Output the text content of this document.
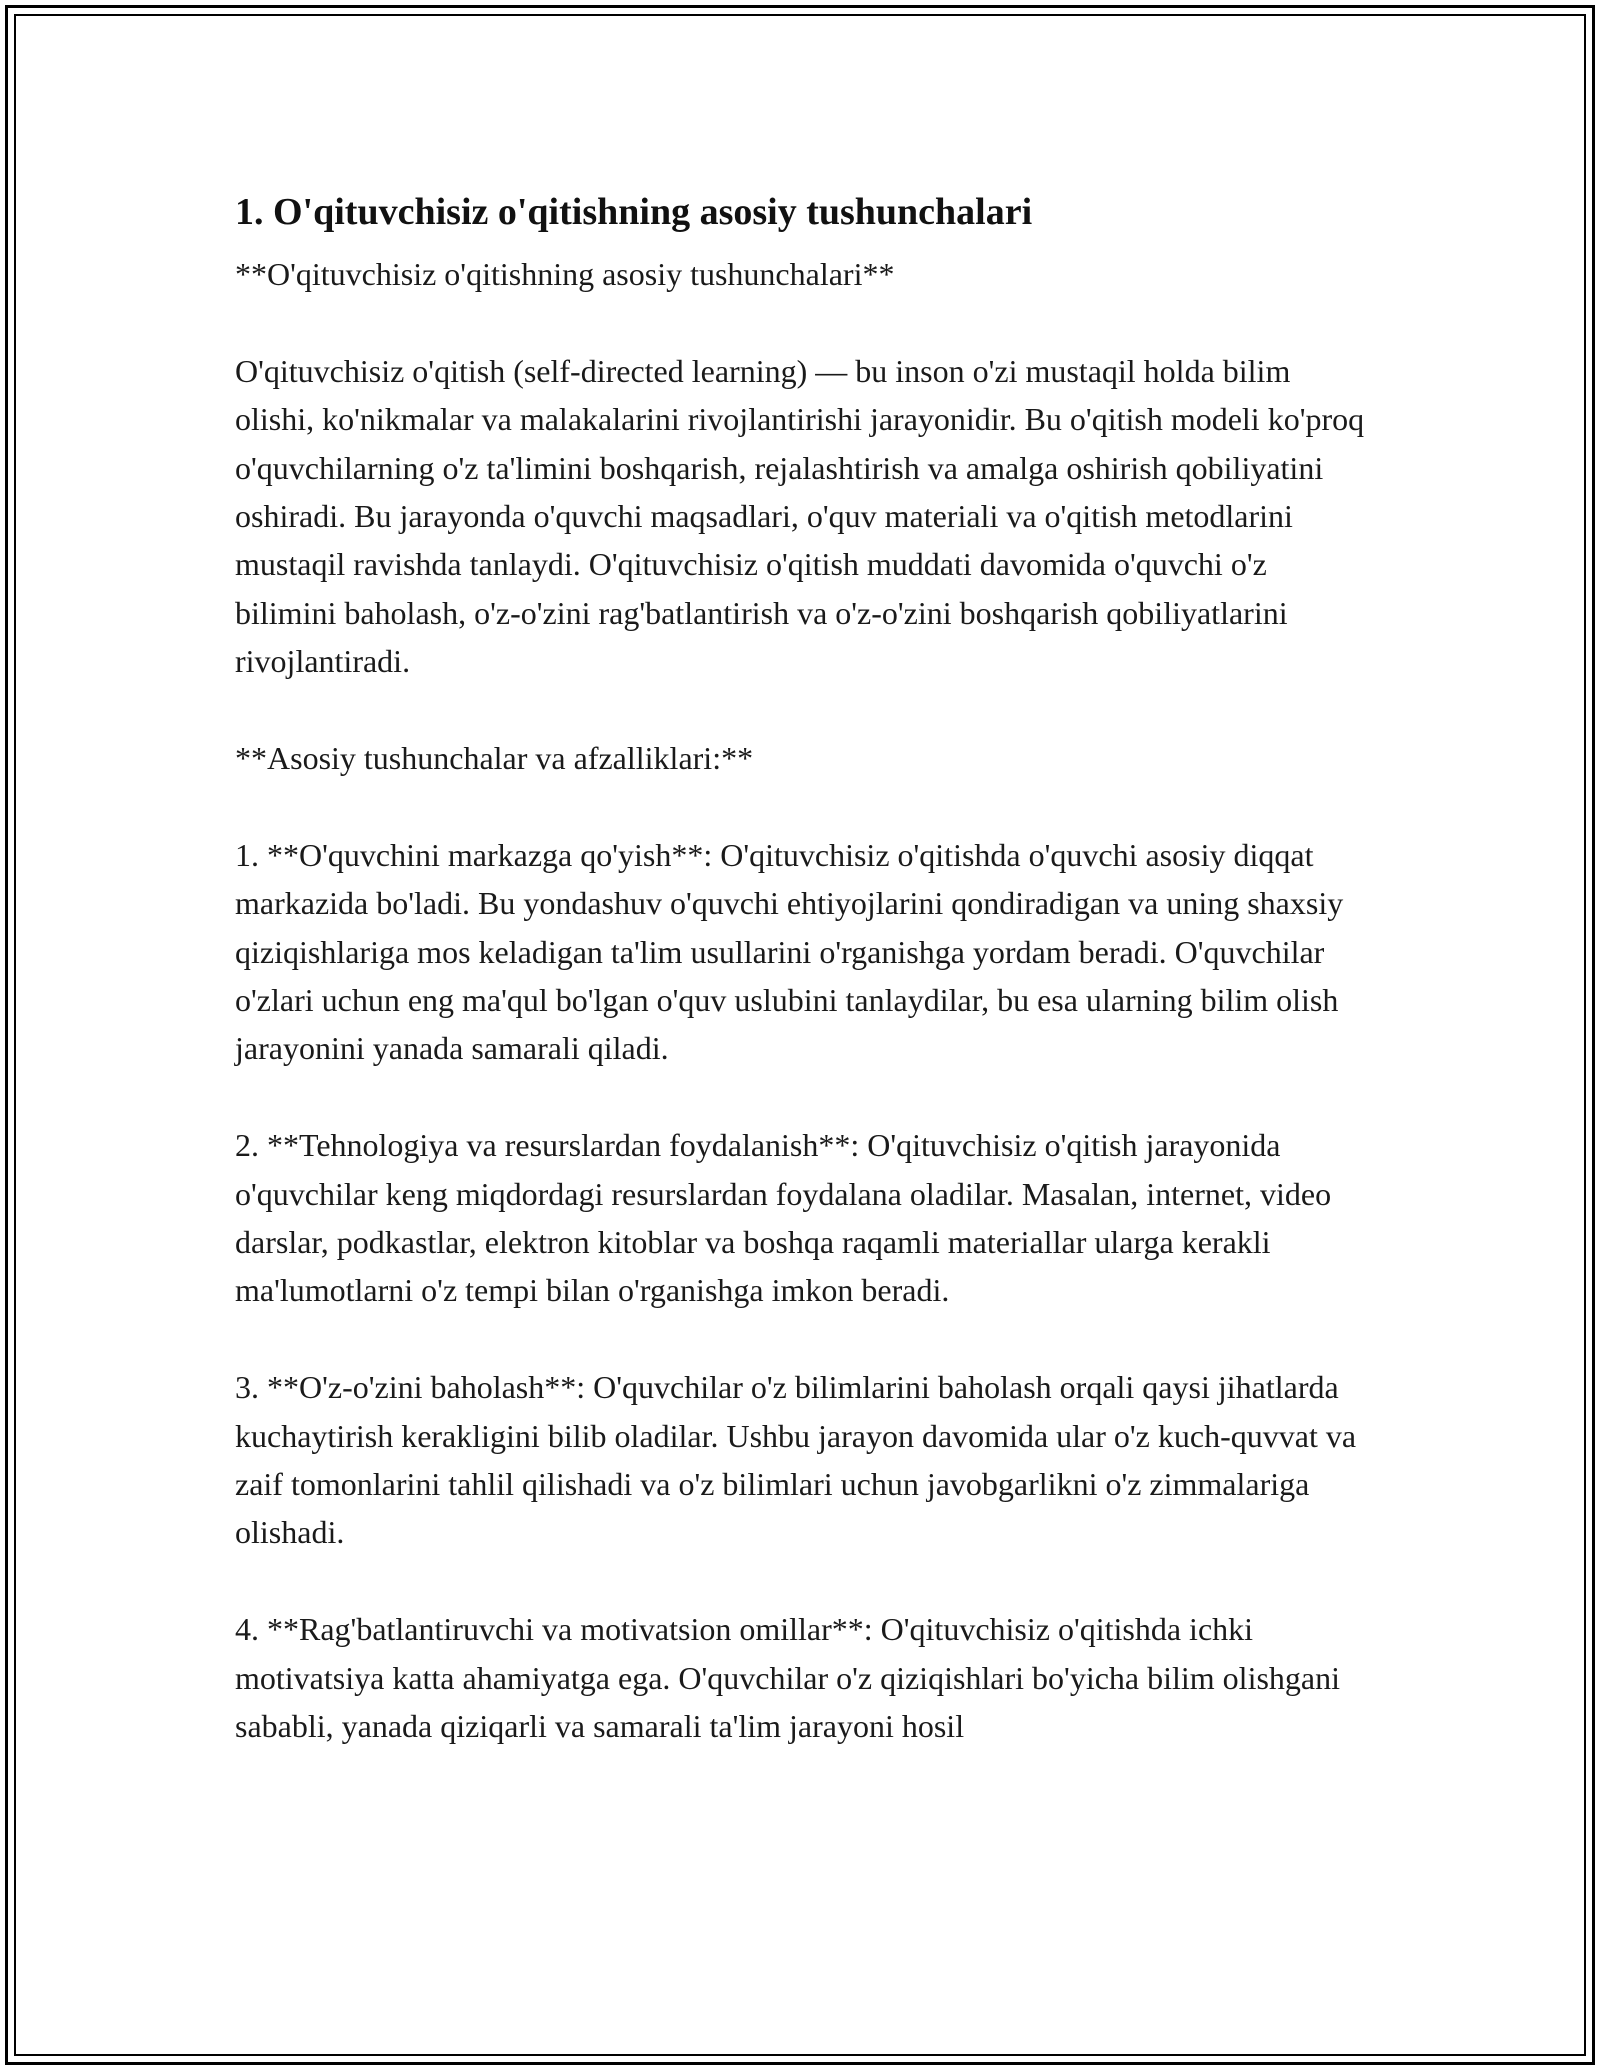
1. O'qituvchisiz o'qitishning asosiy tushunchalari

**O'qituvchisiz o'qitishning asosiy tushunchalari**

O'qituvchisiz o'qitish (self-directed learning) — bu inson o'zi mustaqil holda bilim olishi, ko'nikmalar va malakalarini rivojlantirishi jarayonidir. Bu o'qitish modeli ko'proq o'quvchilarning o'z ta'limini boshqarish, rejalashtirish va amalga oshirish qobiliyatini oshiradi. Bu jarayonda o'quvchi maqsadlari, o'quv materiali va o'qitish metodlarini mustaqil ravishda tanlaydi. O'qituvchisiz o'qitish muddati davomida o'quvchi o'z bilimini baholash, o'z-o'zini rag'batlantirish va o'z-o'zini boshqarish qobiliyatlarini rivojlantiradi.

**Asosiy tushunchalar va afzalliklari:**

1. **O'quvchini markazga qo'yish**: O'qituvchisiz o'qitishda o'quvchi asosiy diqqat markazida bo'ladi. Bu yondashuv o'quvchi ehtiyojlarini qondiradigan va uning shaxsiy qiziqishlariga mos keladigan ta'lim usullarini o'rganishga yordam beradi. O'quvchilar o'zlari uchun eng ma'qul bo'lgan o'quv uslubini tanlaydilar, bu esa ularning bilim olish jarayonini yanada samarali qiladi.

2. **Tehnologiya va resurslardan foydalanish**: O'qituvchisiz o'qitish jarayonida o'quvchilar keng miqdordagi resurslardan foydalana oladilar. Masalan, internet, video darslar, podkastlar, elektron kitoblar va boshqa raqamli materiallar ularga kerakli ma'lumotlarni o'z tempi bilan o'rganishga imkon beradi.

3. **O'z-o'zini baholash**: O'quvchilar o'z bilimlarini baholash orqali qaysi jihatlarda kuchaytirish kerakligini bilib oladilar. Ushbu jarayon davomida ular o'z kuch-quvvat va zaif tomonlarini tahlil qilishadi va o'z bilimlari uchun javobgarlikni o'z zimmalariga olishadi.

4. **Rag'batlantiruvchi va motivatsion omillar**: O'qituvchisiz o'qitishda ichki motivatsiya katta ahamiyatga ega. O'quvchilar o'z qiziqishlari bo'yicha bilim olishgani sababli, yanada qiziqarli va samarali ta'lim jarayoni hosil
